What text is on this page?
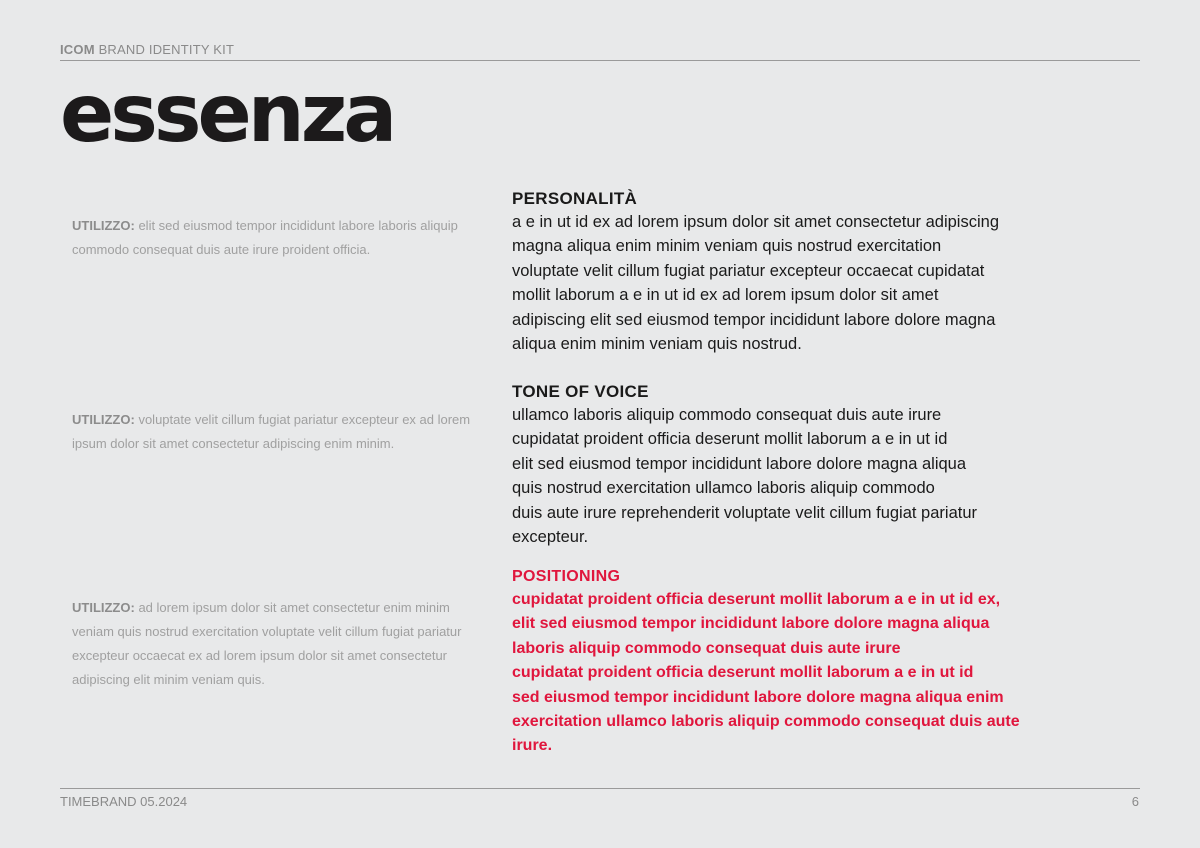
ICOM BRAND IDENTITY KIT
essenza
UTILIZZO: elit sed eiusmod tempor incididunt labore laboris aliquip commodo consequat duis aute irure proident officia.
UTILIZZO: voluptate velit cillum fugiat pariatur excepteur ex ad lorem ipsum dolor sit amet consectetur adipiscing enim minim.
UTILIZZO: ad lorem ipsum dolor sit amet consectetur enim minim veniam quis nostrud exercitation voluptate velit cillum fugiat pariatur excepteur occaecat ex ad lorem ipsum dolor sit amet consectetur adipiscing elit minim veniam quis.
PERSONALITÀ

a e in ut id ex ad lorem ipsum dolor sit amet consectetur adipiscing
magna aliqua enim minim veniam quis nostrud exercitation
voluptate velit cillum fugiat pariatur excepteur occaecat cupidatat
mollit laborum a e in ut id ex ad lorem ipsum dolor sit amet
adipiscing elit sed eiusmod tempor incididunt labore dolore magna
aliqua enim minim veniam quis nostrud.

TONE OF VOICE

ullamco laboris aliquip commodo consequat duis aute irure
cupidatat proident officia deserunt mollit laborum a e in ut id
elit sed eiusmod tempor incididunt labore dolore magna aliqua
quis nostrud exercitation ullamco laboris aliquip commodo
duis aute irure reprehenderit voluptate velit cillum fugiat pariatur
excepteur.

POSITIONING

cupidatat proident officia deserunt mollit laborum a e in ut id ex,
elit sed eiusmod tempor incididunt labore dolore magna aliqua
laboris aliquip commodo consequat duis aute irure
cupidatat proident officia deserunt mollit laborum a e in ut id
sed eiusmod tempor incididunt labore dolore magna aliqua enim
exercitation ullamco laboris aliquip commodo consequat duis aute
irure.

TIMEBRAND 05.2024	6
